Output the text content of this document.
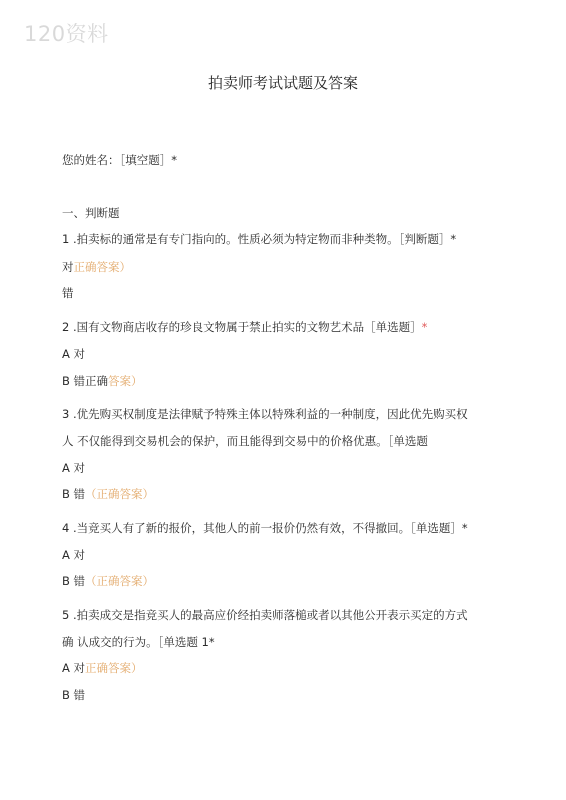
120资料
拍卖师考试试题及答案
您的姓名：［填空题］*
一、判断题
1 .拍卖标的通常是有专门指向的。性质必须为特定物而非种类物。［判断题］*
对正确答案）
错
2 .国有文物商店收存的珍良文物属于禁止拍实的文物艺术品［单选题］*
A 对
B 错正确答案）
3 .优先购买权制度是法律赋予特殊主体以特殊利益的一种制度，因此优先购买权
人 不仅能得到交易机会的保护，而且能得到交易中的价格优惠。［单选题
A 对
B 错（正确答案）
4 .当竞买人有了新的报价，其他人的前一报价仍然有效，不得撤回。［单选题］*
A 对
B 错（正确答案）
5 .拍卖成交是指竞买人的最高应价经拍卖师落槌或者以其他公开表示买定的方式
确 认成交的行为。［单选题 1*
A 对正确答案）
B 错
